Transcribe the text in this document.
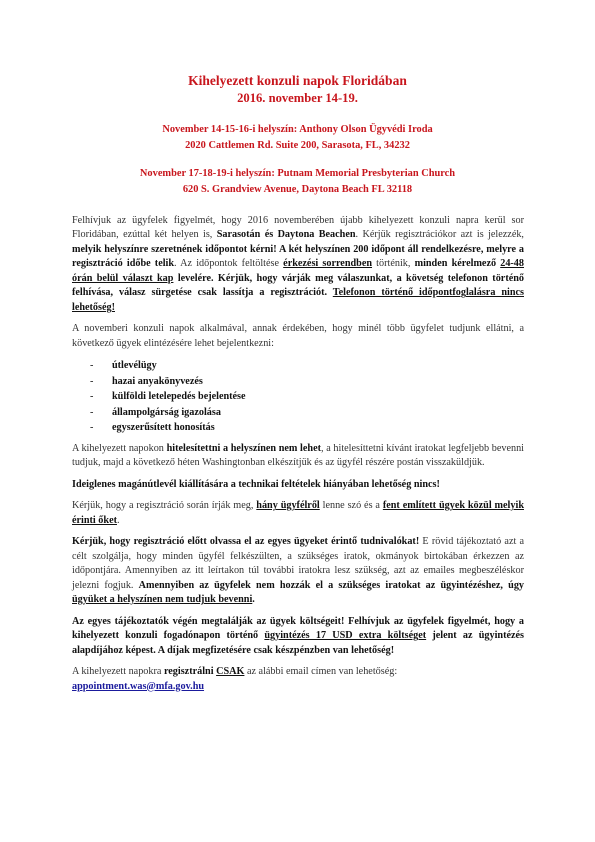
Kihelyezett konzuli napok Floridában
2016. november 14-19.
November 14-15-16-i helyszín: Anthony Olson Ügyvédi Iroda
2020 Cattlemen Rd. Suite 200, Sarasota, FL, 34232
November 17-18-19-i helyszín: Putnam Memorial Presbyterian Church
620 S. Grandview Avenue, Daytona Beach FL 32118

Felhívjuk az ügyfelek figyelmét, hogy 2016 novemberében újabb kihelyezett konzuli napra kerül sor Floridában, ezúttal két helyen is, Sarasotán és Daytona Beachen. Kérjük regisztrációkor azt is jelezzék, melyik helyszínre szeretnének időpontot kérni! A két helyszínen 200 időpont áll rendelkezésre, melyre a regisztráció időbe telik. Az időpontok feltöltése érkezési sorrendben történik, minden kérelmező 24-48 órán belül választ kap levelére. Kérjük, hogy várják meg válaszunkat, a követség telefonon történő felhívása, válasz sürgetése csak lassítja a regisztrációt. Telefonon történő időpontfoglalásra nincs lehetőség!

A novemberi konzuli napok alkalmával, annak érdekében, hogy minél több ügyfelet tudjunk ellátni, a következő ügyek elintézésére lehet bejelentkezni:

- útlevélügy
- hazai anyakönyvezés
- külföldi letelepedés bejelentése
- állampolgárság igazolása
- egyszerűsített honosítás

A kihelyezett napokon hitelesítettni a helyszínen nem lehet, a hitelesíttetni kívánt iratokat legfeljebb bevenni tudjuk, majd a következő héten Washingtonban elkészítjük és az ügyfél részére postán visszaküldjük.

Ideiglenes magánútlevél kiállítására a technikai feltételek hiányában lehetőség nincs!

Kérjük, hogy a regisztráció során írják meg, hány ügyfélről lenne szó és a fent említett ügyek közül melyik érinti őket.

Kérjük, hogy regisztráció előtt olvassa el az egyes ügyeket érintő tudnivalókat! E rövid tájékoztató azt a célt szolgálja, hogy minden ügyfél felkészülten, a szükséges iratok, okmányok birtokában érkezzen az időpontjára. Amennyiben az itt leírtakon túl további iratokra lesz szükség, azt az emailes megbeszéléskor jelezni fogjuk. Amennyiben az ügyfelek nem hozzák el a szükséges iratokat az ügyintézéshez, úgy ügyüket a helyszínen nem tudjuk bevenni.

Az egyes tájékoztatók végén megtalálják az ügyek költségeit! Felhívjuk az ügyfelek figyelmét, hogy a kihelyezett konzuli fogadónapon történő ügyintézés 17 USD extra költséget jelent az ügyintézés alapdíjához képest. A díjak megfizetésére csak készpénzben van lehetőség!

A kihelyezett napokra regisztrálni CSAK az alábbi email címen van lehetőség:
appointment.was@mfa.gov.hu
